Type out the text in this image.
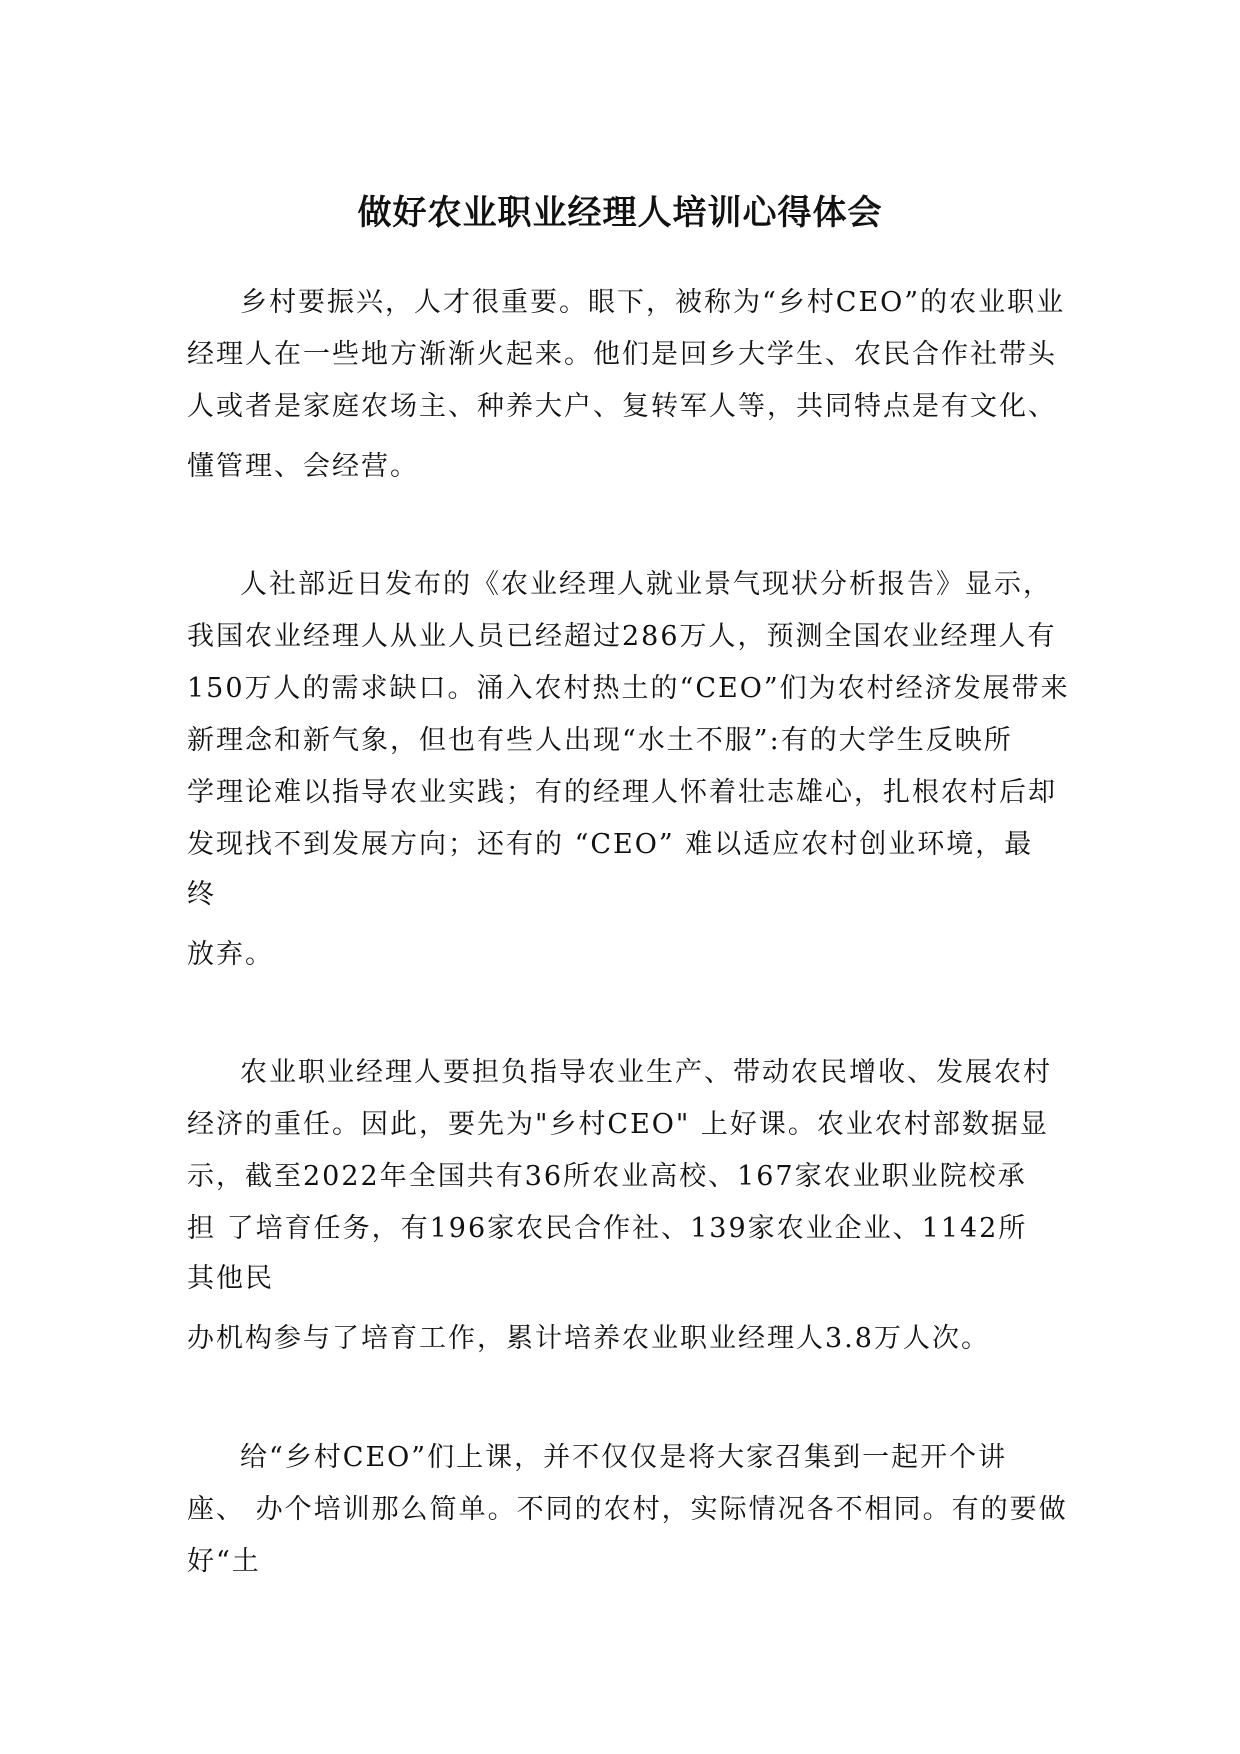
做好农业职业经理人培训心得体会
乡村要振兴，人才很重要。眼下，被称为“乡村CEO”的农业职业
经理人在一些地方渐渐火起来。他们是回乡大学生、农民合作社带头
人或者是家庭农场主、种养大户、复转军人等，共同特点是有文化、
懂管理、会经营。
人社部近日发布的《农业经理人就业景气现状分析报告》显示，
我国农业经理人从业人员已经超过286万人，预测全国农业经理人有
150万人的需求缺口。涌入农村热土的“CEO”们为农村经济发展带来
新理念和新气象，但也有些人出现“水土不服”:有的大学生反映所
学理论难以指导农业实践；有的经理人怀着壮志雄心，扎根农村后却
发现找不到发展方向；还有的 “CEO” 难以适应农村创业环境，最
终
放弃。
农业职业经理人要担负指导农业生产、带动农民增收、发展农村
经济的重任。因此，要先为"乡村CEO" 上好课。农业农村部数据显
示，截至2022年全国共有36所农业高校、167家农业职业院校承
担 了培育任务，有196家农民合作社、139家农业企业、1142所
其他民
办机构参与了培育工作，累计培养农业职业经理人3.8万人次。
给“乡村CEO”们上课，并不仅仅是将大家召集到一起开个讲
座、 办个培训那么简单。不同的农村，实际情况各不相同。有的要做
好“土
